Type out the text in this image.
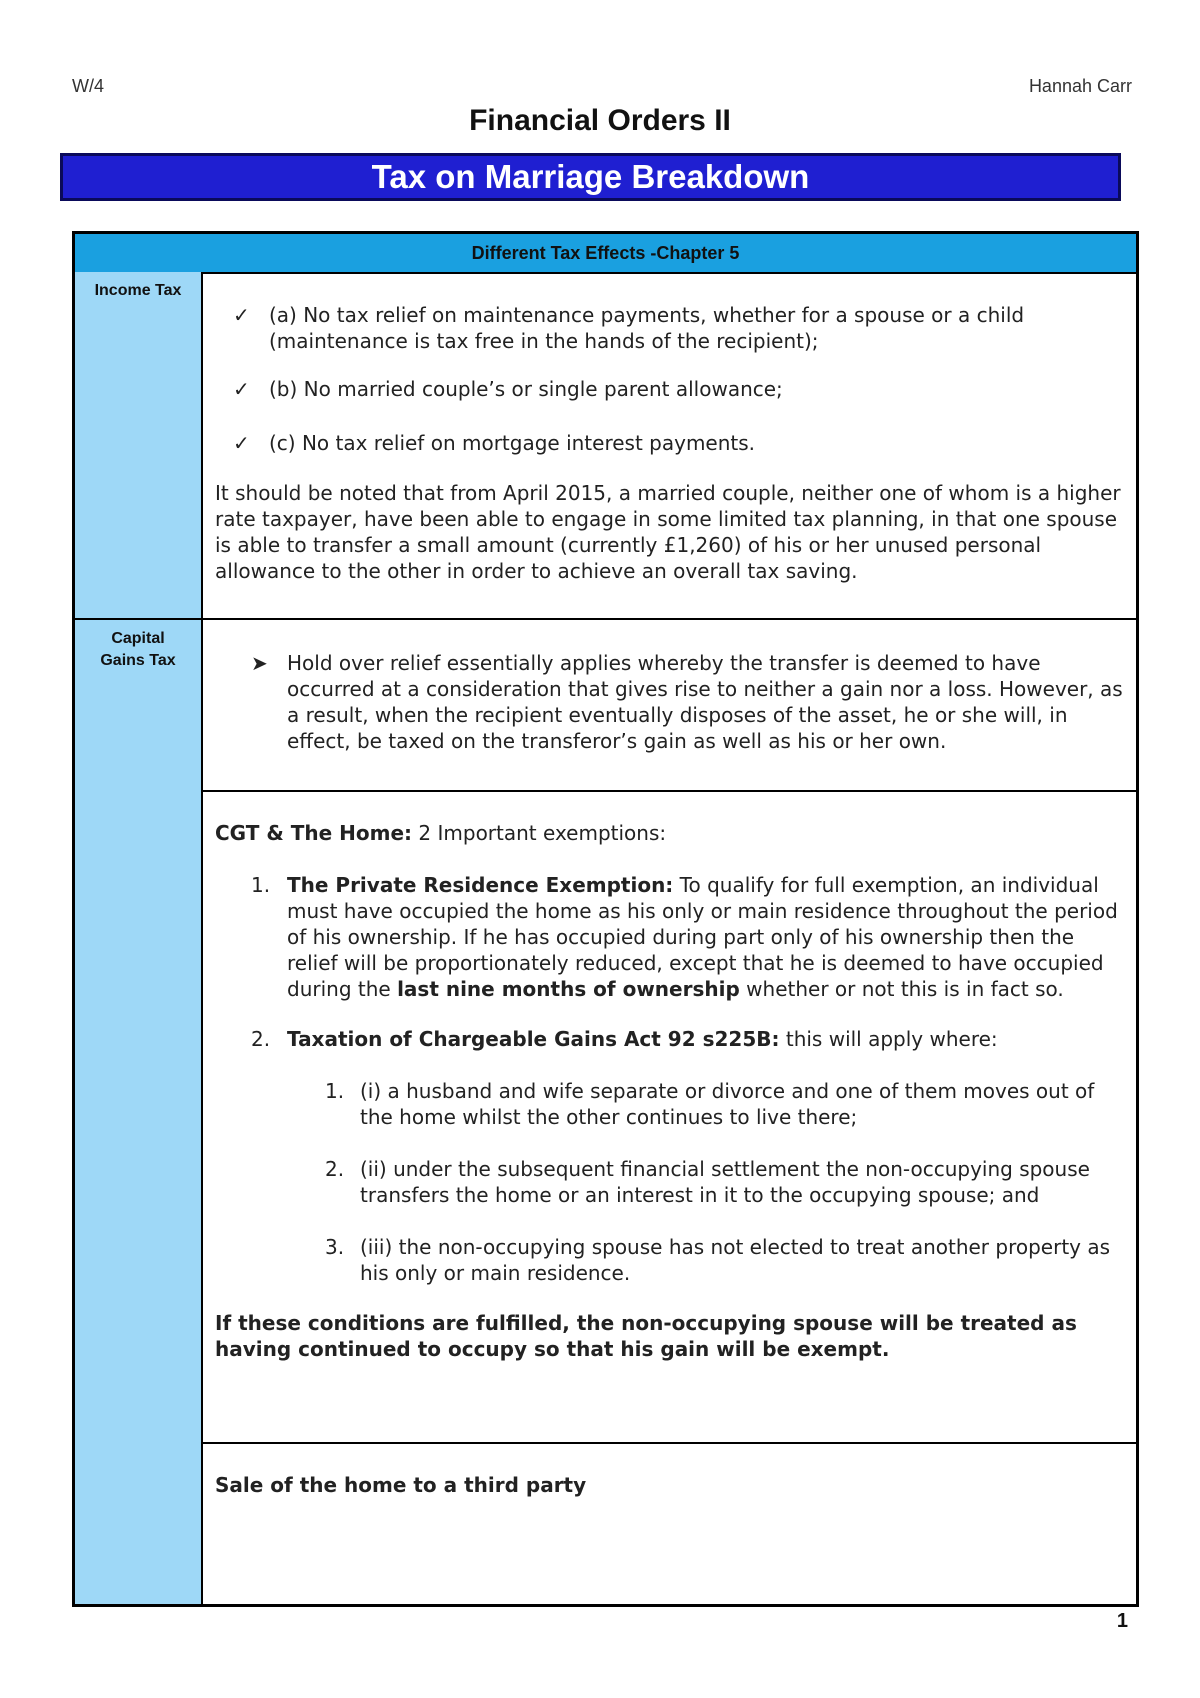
W/4	Hannah Carr
Financial Orders II
Tax on Marriage Breakdown
Different Tax Effects -Chapter 5
Income Tax
✓ (a) No tax relief on maintenance payments, whether for a spouse or a child (maintenance is tax free in the hands of the recipient);
✓ (b) No married couple’s or single parent allowance;
✓ (c) No tax relief on mortgage interest payments.

It should be noted that from April 2015, a married couple, neither one of whom is a higher rate taxpayer, have been able to engage in some limited tax planning, in that one spouse is able to transfer a small amount (currently £1,260) of his or her unused personal allowance to the other in order to achieve an overall tax saving.

Capital Gains Tax	➤ Hold over relief essentially applies whereby the transfer is deemed to have occurred at a consideration that gives rise to neither a gain nor a loss. However, as a result, when the recipient eventually disposes of the asset, he or she will, in effect, be taxed on the transferor’s gain as well as his or her own.

CGT & The Home: 2 Important exemptions:

1. The Private Residence Exemption: To qualify for full exemption, an individual must have occupied the home as his only or main residence throughout the period of his ownership. If he has occupied during part only of his ownership then the relief will be proportionately reduced, except that he is deemed to have occupied during the last nine months of ownership whether or not this is in fact so.
2. Taxation of Chargeable Gains Act 92 s225B: this will apply where:
1. (i) a husband and wife separate or divorce and one of them moves out of the home whilst the other continues to live there;
2. (ii) under the subsequent financial settlement the non-occupying spouse transfers the home or an interest in it to the occupying spouse; and
3. (iii) the non-occupying spouse has not elected to treat another property as his only or main residence.

If these conditions are fulfilled, the non-occupying spouse will be treated as having continued to occupy so that his gain will be exempt.

Sale of the home to a third party

1
